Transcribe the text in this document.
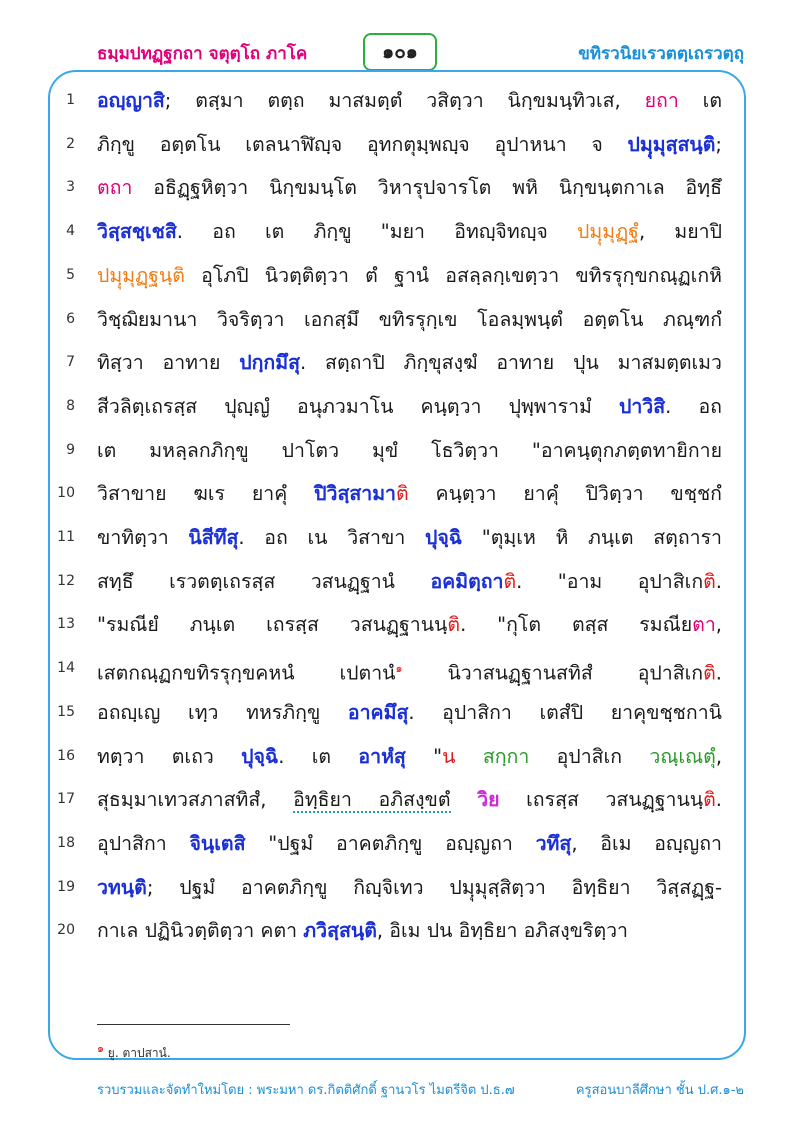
ธมฺมปทฏฺฐกถา จตุตฺโถ ภาโค	๑๐๑	ขทิรวนิยเรวตตฺเถรวตฺถุ
1 อญฺญาสิ; ตสฺมา ตตฺถ มาสมตฺตํ วสิตฺวา นิกฺขมนฺทิวเส, ยถา เต
2 ภิกฺขู อตฺตโน เตลนาฬิญฺจ อุทกตุมฺพญฺจ อุปาหนา จ ปมฺุมุสฺสนฺติ;
3 ตถา อธิฏฺฐหิตฺวา นิกฺขมนฺโต วิหารุปจารโต พหิ นิกฺขนฺตกาเล อิทฺธึ
4 วิสฺสชฺเชสิ. อถ เต ภิกฺขู "มยา อิทญฺจิทญฺจ ปมฺุมุฏฺฐํ, มยาปิ
5 ปมฺุมุฏฺฐนฺติ อุโภปิ นิวตฺติตฺวา ตํ ฐานํ อสลฺลกฺเขตฺวา ขทิรรุกฺขกณฺฏเกหิ
6 วิชฺฌิยมานา วิจริตฺวา เอกสฺมึ ขทิรรุกฺเข โอลมฺพนฺตํ อตฺตโน ภณฺฑกํ
7 ทิสฺวา อาทาย ปกฺกมึสุ. สตฺถาปิ ภิกฺขุสงฺฆํ อาทาย ปุน มาสมตฺตเมว
8 สีวลิตฺเถรสฺส ปุญฺญํ อนุภวมาโน คนฺตฺวา ปุพฺพารามํ ปาวิสิ. อถ
9 เต มหลฺลกภิกฺขู ปาโตว มุขํ โธวิตฺวา "อาคนฺตุกภตฺตทายิกาย
10 วิสาขาย ฆเร ยาคุํ ปิวิสฺสามาติ คนฺตฺวา ยาคุํ ปิวิตฺวา ขชฺชกํ
11 ขาทิตฺวา นิสีทึสุ. อถ เน วิสาขา ปุจฺฉิ "ตุมฺเห หิ ภนฺเต สตฺถารา
12 สทฺธึ เรวตตฺเถรสฺส วสนฏฺฐานํ อคมิตฺถาติ. "อาม อุปาสิเกติ.
13 "รมณียํ ภนฺเต เถรสฺส วสนฏฺฐานนฺติ. "กุโต ตสฺส รมณียตา,
14 เสตกณฺฏกขทิรรุกฺขคหนํ เปตานํ$^๑$ นิวาสนฏฺฐานสทิสํ อุปาสิเกติ.
15 อถญฺเญ เทฺว ทหรภิกฺขู อาคมึสุ. อุปาสิกา เตสํปิ ยาคุขชฺชกานิ
16 ทตฺวา ตเถว ปุจฺฉิ. เต อาหํสุ "น สกฺกา อุปาสิเก วณฺเณตุํ,
17 สุธมฺมาเทวสภาสทิสํ, อิทฺธิยา อภิสงฺขตํ วิย เถรสฺส วสนฏฺฐานนฺติ.
18 อุปาสิกา จินฺเตสิ "ปฐมํ อาคตภิกฺขู อญฺญถา วทึสุ, อิเม อญฺญถา
19 วทนฺติ; ปฐมํ อาคตภิกฺขู กิญฺจิเทว ปมฺุมุสฺสิตฺวา อิทฺธิยา วิสฺสฏฺฐ-
20 กาเล ปฏินิวตฺติตฺวา คตา ภวิสฺสนฺติ, อิเม ปน อิทฺธิยา อภิสงฺขริตฺวา
๑ ยู. ตาปสานํ.
รวบรวมและจัดทำใหม่โดย : พระมหา ดร.กิตติศักดิ์ ฐานวโร ไมตรีจิต ป.ธ.๗	ครูสอนบาลีศึกษา ชั้น ป.ศ.๑-๒
